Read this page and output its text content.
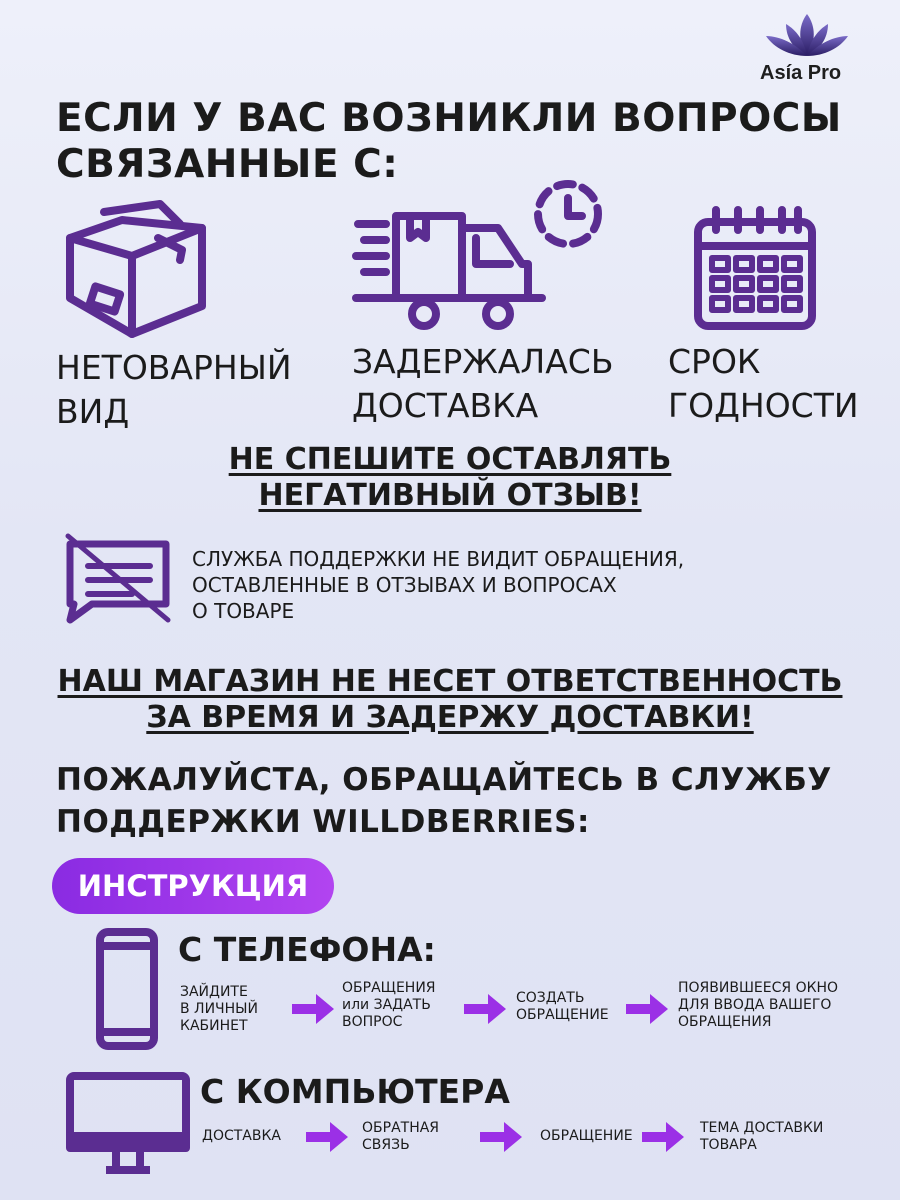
Asía Pro
ЕСЛИ У ВАС ВОЗНИКЛИ ВОПРОСЫ
СВЯЗАННЫЕ С:
НЕТОВАРНЫЙ
ВИД
ЗАДЕРЖАЛАСЬ
ДОСТАВКА
СРОК
ГОДНОСТИ
НЕ СПЕШИТЕ ОСТАВЛЯТЬ
НЕГАТИВНЫЙ ОТЗЫВ!
СЛУЖБА ПОДДЕРЖКИ НЕ ВИДИТ ОБРАЩЕНИЯ,
ОСТАВЛЕННЫЕ В ОТЗЫВАХ И ВОПРОСАХ
О ТОВАРЕ
НАШ МАГАЗИН НЕ НЕСЕТ ОТВЕТСТВЕННОСТЬ
ЗА ВРЕМЯ И ЗАДЕРЖУ ДОСТАВКИ!
ПОЖАЛУЙСТА, ОБРАЩАЙТЕСЬ В СЛУЖБУ
ПОДДЕРЖКИ WILLDBERRIES:
ИНСТРУКЦИЯ
С ТЕЛЕФОНА:
ЗАЙДИТЕ
В ЛИЧНЫЙ
КАБИНЕТ
ОБРАЩЕНИЯ
или ЗАДАТЬ
ВОПРОС
СОЗДАТЬ
ОБРАЩЕНИЕ
ПОЯВИВШЕЕСЯ ОКНО
ДЛЯ ВВОДА ВАШЕГО
ОБРАЩЕНИЯ
С КОМПЬЮТЕРА
ДОСТАВКА	ОБРАТНАЯ
СВЯЗЬ
ОБРАЩЕНИЕ	ТЕМА ДОСТАВКИ
ТОВАРА
